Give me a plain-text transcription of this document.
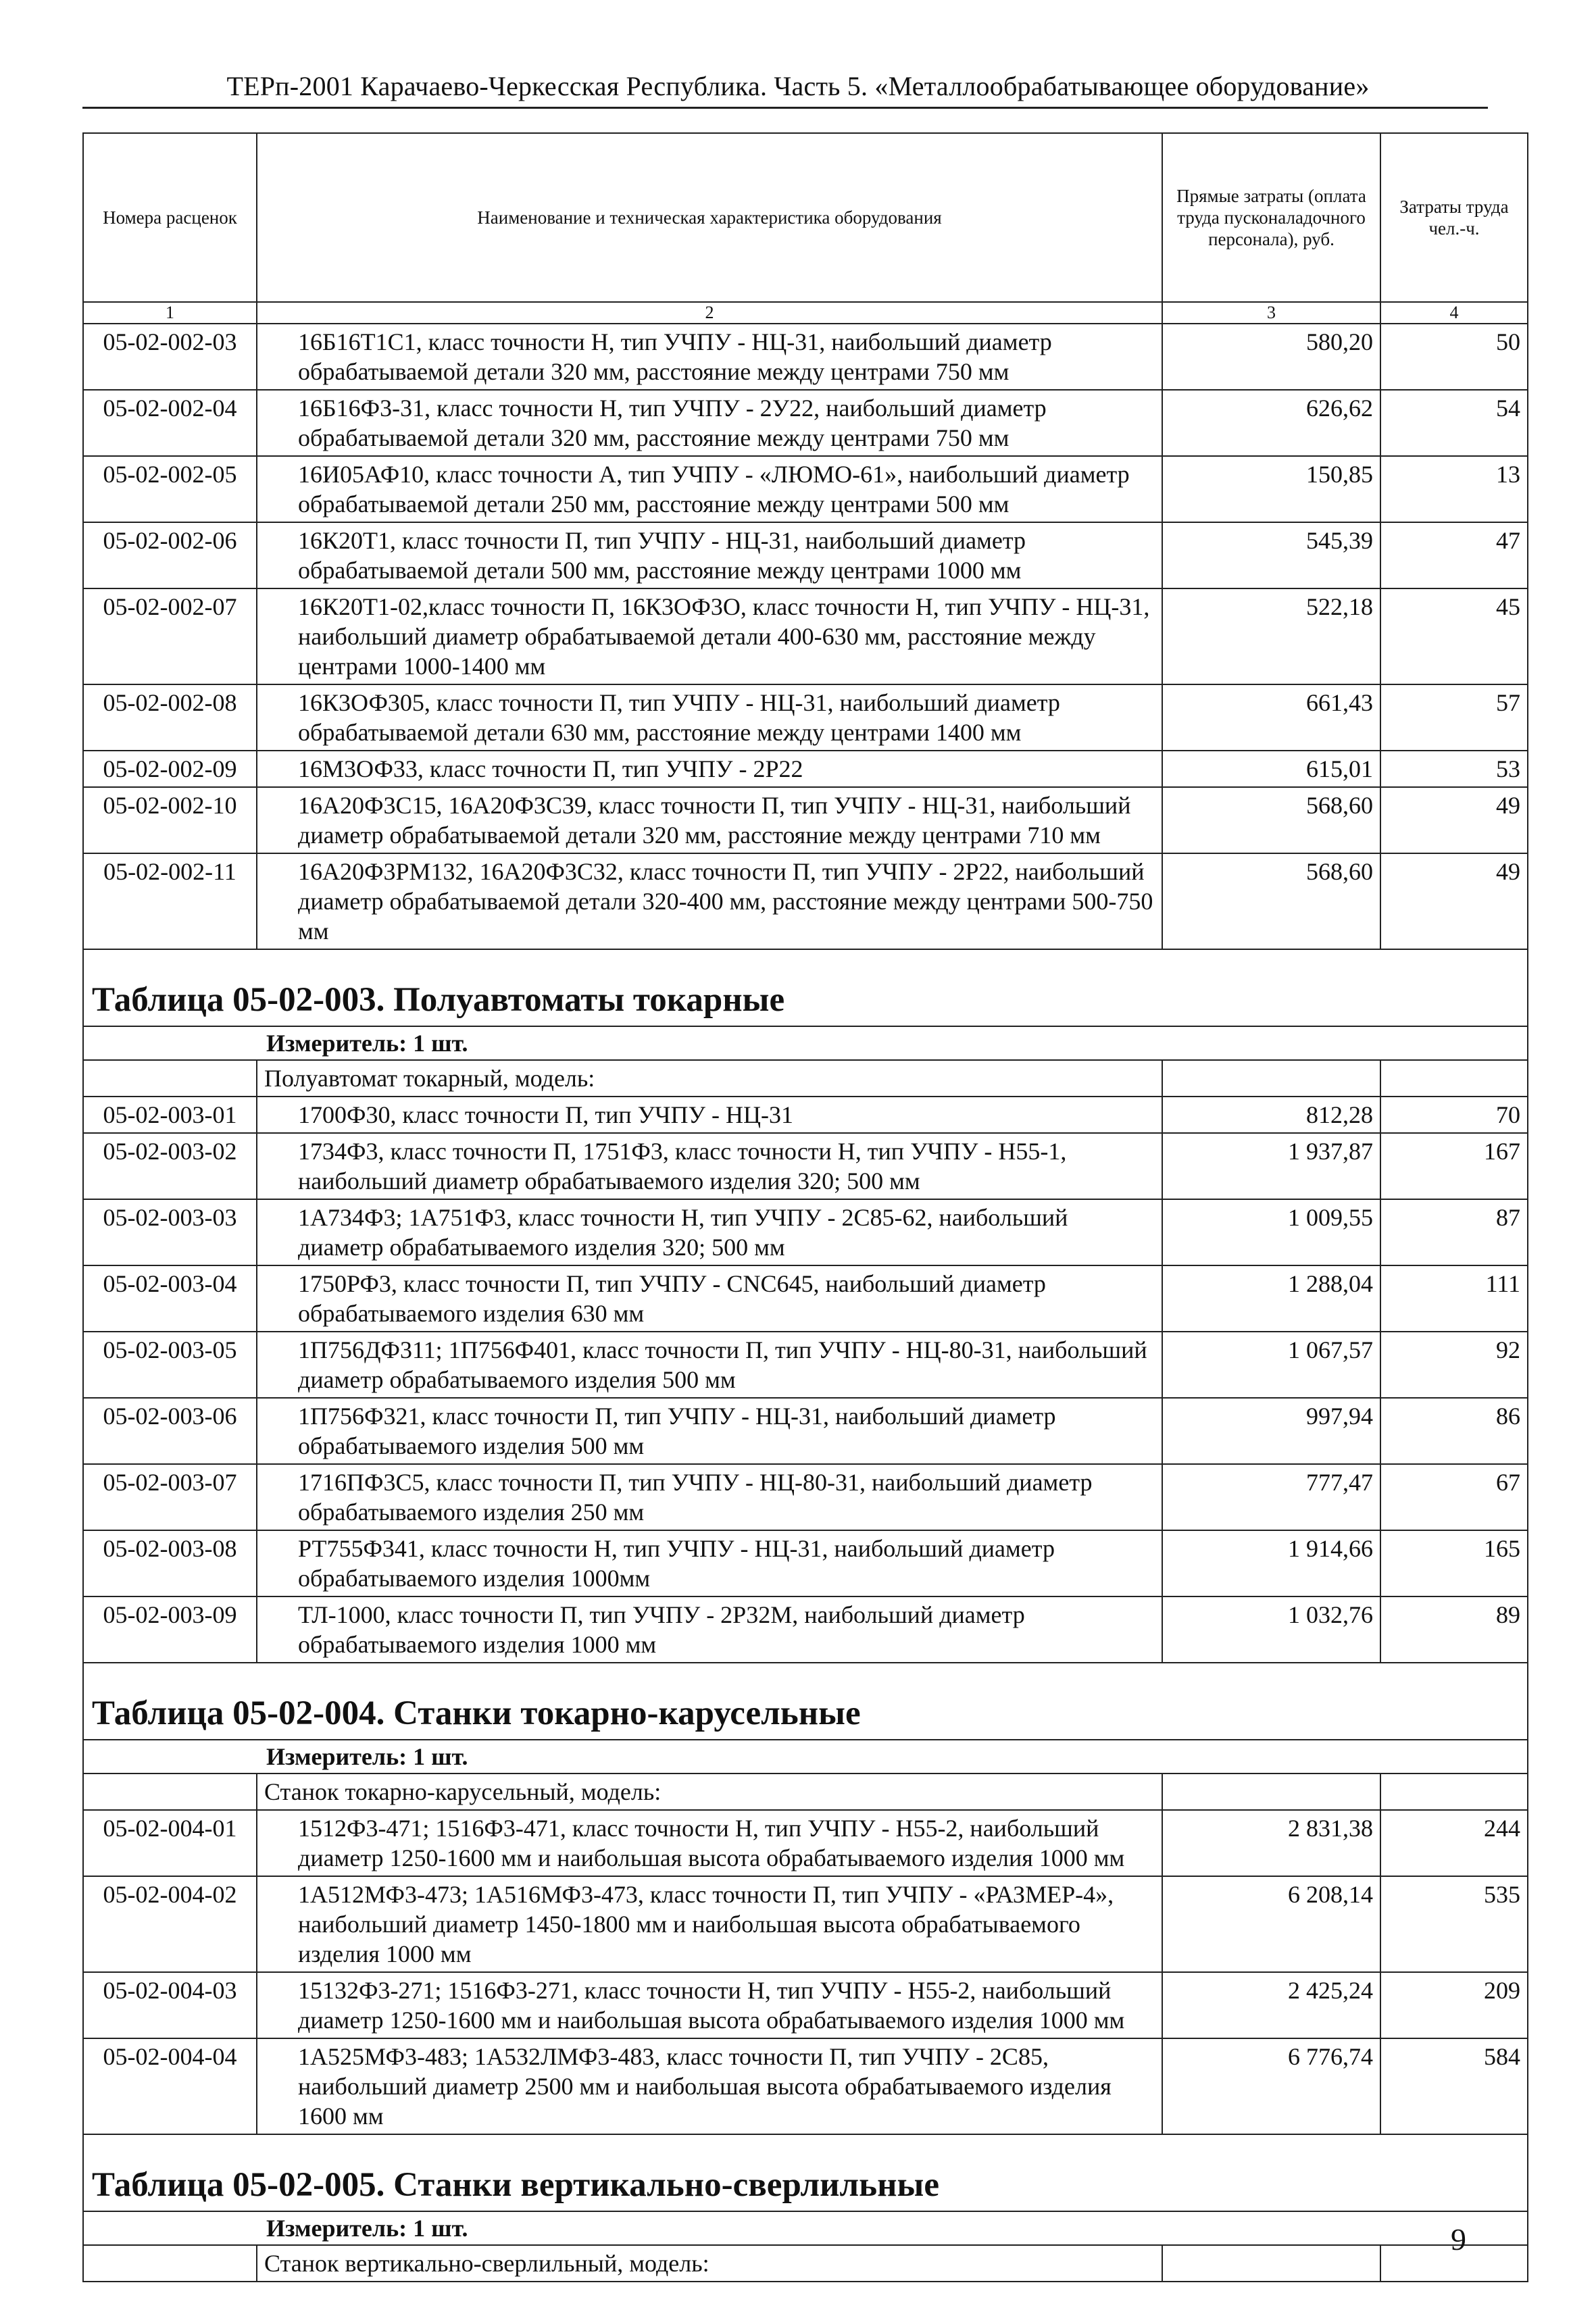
ТЕРп-2001 Карачаево-Черкесская Республика. Часть 5. «Металлообрабатывающее оборудование»
Номера расценок	Наименование и техническая характеристика оборудования	Прямые затраты (оплата труда пусконаладочного персонала), руб.	Затраты труда чел.-ч.
1	2	3	4
05-02-002-03	16Б16Т1С1, класс точности Н, тип УЧПУ - НЦ-31, наибольший диаметр обрабатываемой детали 320 мм, расстояние между центрами 750 мм	580,20	50
05-02-002-04	16Б16Ф3-31, класс точности Н, тип УЧПУ - 2У22, наибольший диаметр обрабатываемой детали 320 мм, расстояние между центрами 750 мм	626,62	54
05-02-002-05	16И05АФ10, класс точности А, тип УЧПУ - «ЛЮМО-61», наибольший диаметр обрабатываемой детали 250 мм, расстояние между центрами 500 мм	150,85	13
05-02-002-06	16К20Т1, класс точности П, тип УЧПУ - НЦ-31, наибольший диаметр обрабатываемой детали 500 мм, расстояние между центрами 1000 мм	545,39	47
05-02-002-07	16К20Т1-02,класс точности П, 16К3ОФ3О, класс точности Н, тип УЧПУ - НЦ-31, наибольший диаметр обрабатываемой детали 400-630 мм, расстояние между центрами 1000-1400 мм	522,18	45
05-02-002-08	16К3ОФ305, класс точности П, тип УЧПУ - НЦ-31, наибольший диаметр обрабатываемой детали 630 мм, расстояние между центрами 1400 мм	661,43	57
05-02-002-09	16М3ОФ33, класс точности П, тип УЧПУ - 2Р22	615,01	53
05-02-002-10	16А20Ф3С15, 16А20Ф3С39, класс точности П, тип УЧПУ - НЦ-31, наибольший диаметр обрабатываемой детали 320 мм, расстояние между центрами 710 мм	568,60	49
05-02-002-11	16А20Ф3РМ132, 16А20Ф3С32, класс точности П, тип УЧПУ - 2Р22, наибольший диаметр обрабатываемой детали 320-400 мм, расстояние между центрами 500-750 мм	568,60	49
Таблица 05-02-003. Полуавтоматы токарные			
Измеритель: 1 шт.			
	Полуавтомат токарный, модель:		
05-02-003-01	1700Ф30, класс точности П, тип УЧПУ - НЦ-31	812,28	70
05-02-003-02	1734Ф3, класс точности П, 1751Ф3, класс точности Н, тип УЧПУ - Н55-1, наибольший диаметр обрабатываемого изделия 320; 500 мм	1 937,87	167
05-02-003-03	1А734Ф3; 1А751Ф3, класс точности Н, тип УЧПУ - 2С85-62, наибольший диаметр обрабатываемого изделия 320; 500 мм	1 009,55	87
05-02-003-04	1750РФ3, класс точности П, тип УЧПУ - CNC645, наибольший диаметр обрабатываемого изделия 630 мм	1 288,04	111
05-02-003-05	1П756ДФ311; 1П756Ф401, класс точности П, тип УЧПУ - НЦ-80-31, наибольший диаметр обрабатываемого изделия 500 мм	1 067,57	92
05-02-003-06	1П756Ф321, класс точности П, тип УЧПУ - НЦ-31, наибольший диаметр обрабатываемого изделия 500 мм	997,94	86
05-02-003-07	1716ПФ3С5, класс точности П, тип УЧПУ - НЦ-80-31, наибольший диаметр обрабатываемого изделия 250 мм	777,47	67
05-02-003-08	РТ755Ф341, класс точности Н, тип УЧПУ - НЦ-31, наибольший диаметр обрабатываемого изделия 1000мм	1 914,66	165
05-02-003-09	ТЛ-1000, класс точности П, тип УЧПУ - 2Р32М, наибольший диаметр обрабатываемого изделия 1000 мм	1 032,76	89
Таблица 05-02-004. Станки токарно-карусельные			
Измеритель: 1 шт.			
	Станок токарно-карусельный, модель:		
05-02-004-01	1512Ф3-471; 1516Ф3-471, класс точности Н, тип УЧПУ - Н55-2, наибольший диаметр 1250-1600 мм и наибольшая высота обрабатываемого изделия 1000 мм	2 831,38	244
05-02-004-02	1А512МФ3-473; 1А516МФ3-473, класс точности П, тип УЧПУ - «РАЗМЕР-4», наибольший диаметр 1450-1800 мм и наибольшая высота обрабатываемого изделия 1000 мм	6 208,14	535
05-02-004-03	15132Ф3-271; 1516Ф3-271, класс точности Н, тип УЧПУ - Н55-2, наибольший диаметр 1250-1600 мм и наибольшая высота обрабатываемого изделия 1000 мм	2 425,24	209
05-02-004-04	1А525МФ3-483; 1А532ЛМФ3-483, класс точности П, тип УЧПУ - 2С85, наибольший диаметр 2500 мм и наибольшая высота обрабатываемого изделия 1600 мм	6 776,74	584
Таблица 05-02-005. Станки вертикально-сверлильные			
Измеритель: 1 шт.			
	Станок вертикально-сверлильный, модель:		
9
